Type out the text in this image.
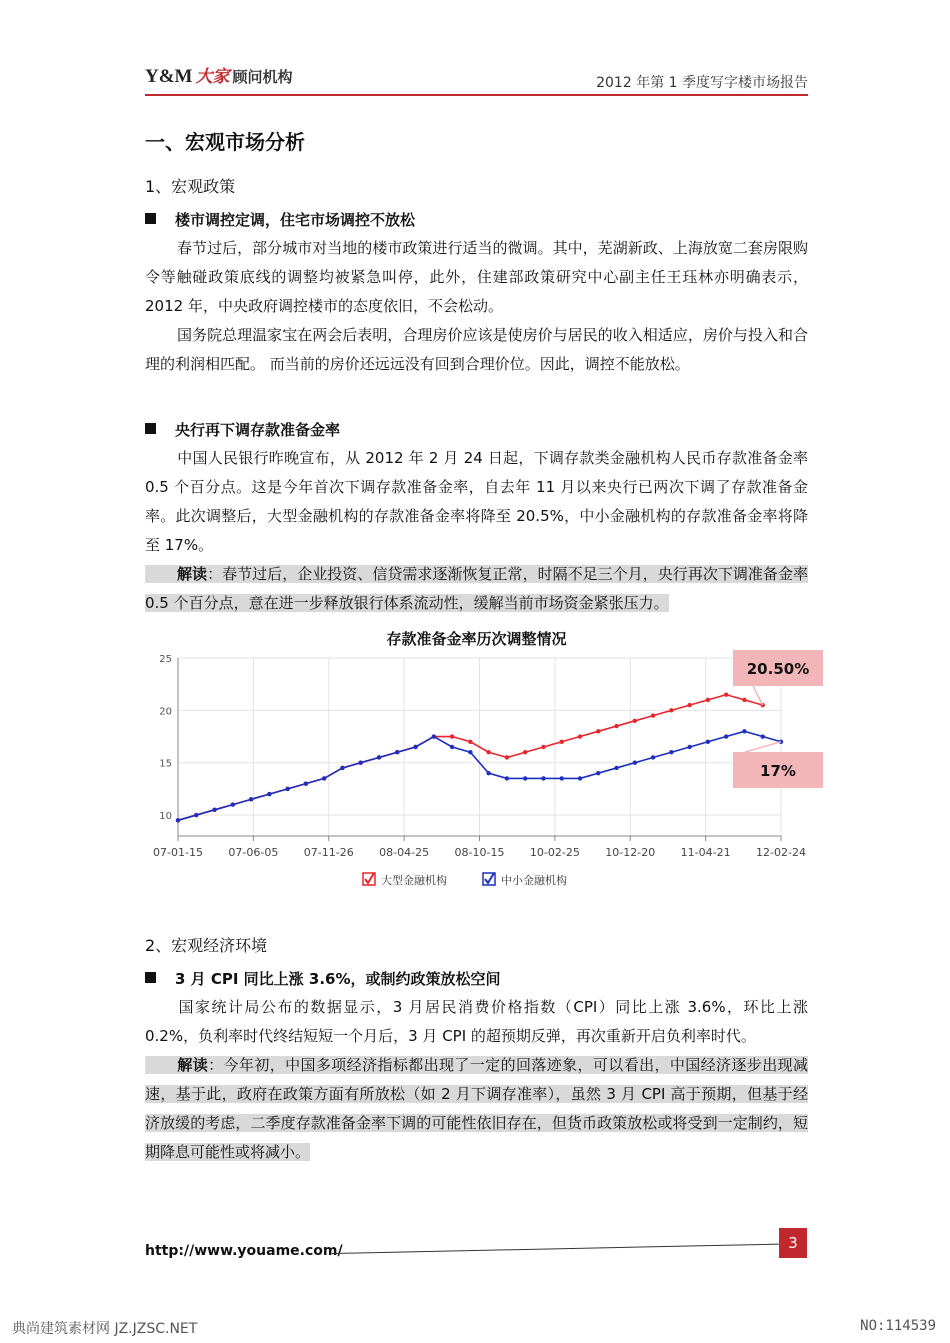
Y&M 大家 顾问机构	2012 年第 1 季度写字楼市场报告
一、宏观市场分析
1、宏观政策
楼市调控定调，住宅市场调控不放松
春节过后，部分城市对当地的楼市政策进行适当的微调。其中，芜湖新政、上海放宽二套房限购令等触碰政策底线的调整均被紧急叫停，此外，住建部政策研究中心副主任王珏林亦明确表示，2012 年，中央政府调控楼市的态度依旧，不会松动。
国务院总理温家宝在两会后表明，合理房价应该是使房价与居民的收入相适应，房价与投入和合理的利润相匹配。 而当前的房价还远远没有回到合理价位。因此，调控不能放松。
央行再下调存款准备金率
中国人民银行昨晚宣布，从 2012 年 2 月 24 日起，下调存款类金融机构人民币存款准备金率 0.5 个百分点。这是今年首次下调存款准备金率，自去年 11 月以来央行已两次下调了存款准备金率。此次调整后，大型金融机构的存款准备金率将降至 20.5%，中小金融机构的存款准备金率将降至 17%。
解读：春节过后，企业投资、信贷需求逐渐恢复正常，时隔不足三个月，央行再次下调准备金率 0.5 个百分点，意在进一步释放银行体系流动性，缓解当前市场资金紧张压力。
存款准备金率历次调整情况
10
15
20
25
07-01-15 07-06-05 07-11-26 08-04-25 08-10-15 10-02-25 10-12-20 11-04-21 12-02-24
20.50%
17%
大型金融机构	中小金融机构
2、宏观经济环境
3 月 CPI 同比上涨 3.6%，或制约政策放松空间
国家统计局公布的数据显示，3 月居民消费价格指数（CPI）同比上涨 3.6%，环比上涨 0.2%，负利率时代终结短短一个月后，3 月 CPI 的超预期反弹，再次重新开启负利率时代。
解读：今年初，中国多项经济指标都出现了一定的回落迹象，可以看出，中国经济逐步出现减速，基于此，政府在政策方面有所放松（如 2 月下调存准率），虽然 3 月 CPI 高于预期，但基于经济放缓的考虑，二季度存款准备金率下调的可能性依旧存在，但货币政策放松或将受到一定制约，短期降息可能性或将减小。
http://www.youame.com/	3
典尚建筑素材网 JZ.JZSC.NET	NO:114539
